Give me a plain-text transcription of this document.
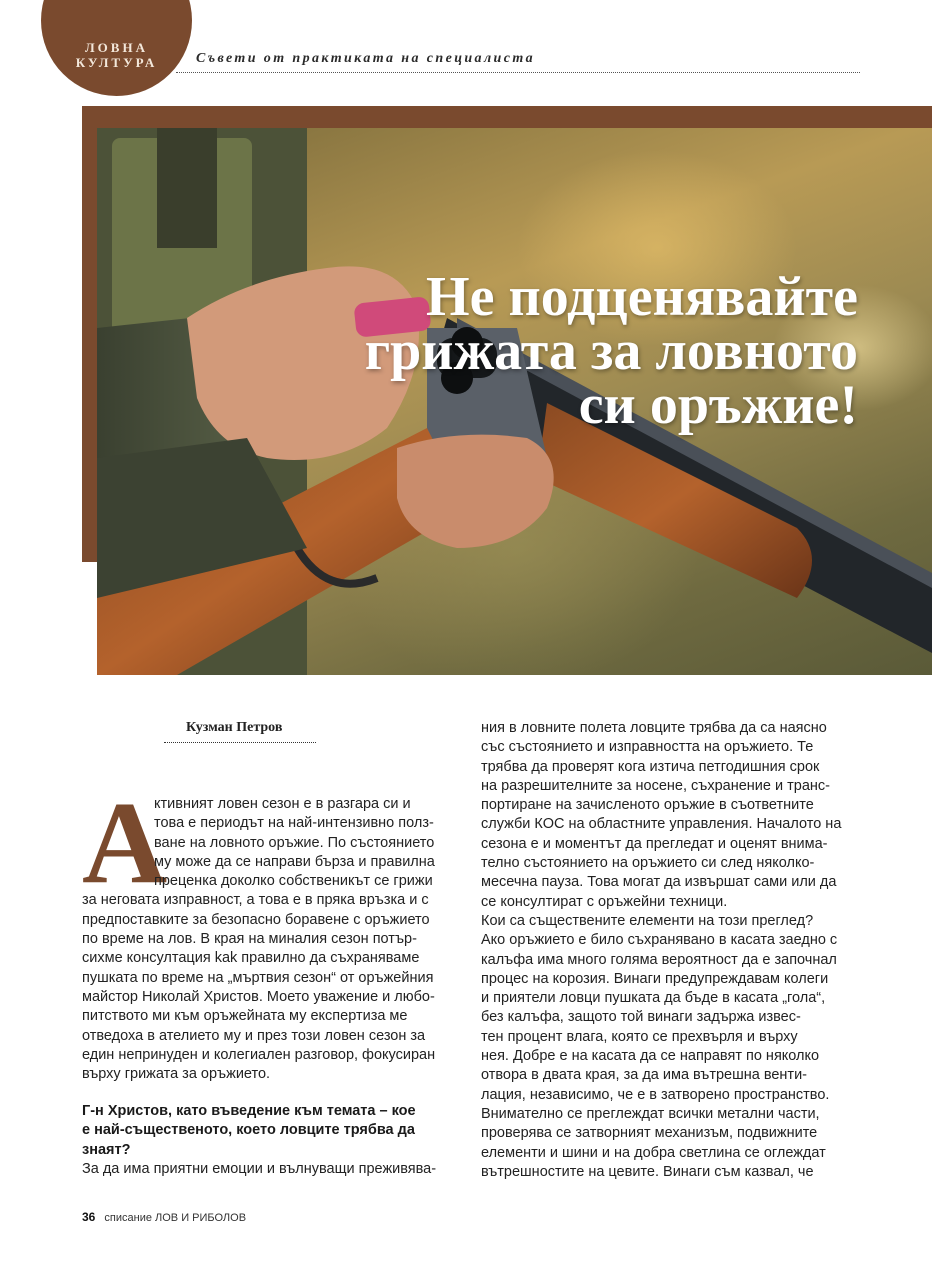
ЛОВНА
КУЛТУРА	Съвети от практиката на специалиста
Не подценявайте
грижата за ловното
си оръжие!
Кузман Петров
А
ктивният ловен сезон е в разгара си и
това е периодът на най-интензивно полз-
ване на ловното оръжие. По състоянието
му може да се направи бърза и правилна
преценка доколко собственикът се грижи
за неговата изправност, а това е в пряка връзка и с
предпоставките за безопасно боравене с оръжието
по време на лов. В края на миналия сезон потър-
сихме консултация kak правилно да съхраняваме
пушката по време на „мъртвия сезон“ от оръжейния
майстор Николай Христов. Моето уважение и любо-
питството ми към оръжейната му експертиза ме
отведоха в ателието му и през този ловен сезон за
един непринуден и колегиален разговор, фокусиран
върху грижата за оръжието.
Г-н Христов, като въведение към темата – кое
е най-същественото, което ловците трябва да
знаят?
За да има приятни емоции и вълнуващи преживява-
ния в ловните полета ловците трябва да са наясно
със състоянието и изправността на оръжието. Те
трябва да проверят кога изтича петгодишния срок
на разрешителните за носене, съхранение и транс-
портиране на зачисленото оръжие в съответните
служби КОС на областните управления. Началото на
сезона е и моментът да прегледат и оценят внима-
телно състоянието на оръжието си след няколко-
месечна пауза. Това могат да извършат сами или да
се консултират с оръжейни техници.
Кои са съществените елементи на този преглед?
Ако оръжието е било съхранявано в касата заедно с
калъфа има много голяма вероятност да е започнал
процес на корозия. Винаги предупреждавам колеги
и приятели ловци пушката да бъде в касата „гола“,
без калъфа, защото той винаги задържа извес-
тен процент влага, която се прехвърля и върху
нея. Добре е на касата да се направят по няколко
отвора в двата края, за да има вътрешна венти-
лация, независимо, че е в затворено пространство.
Внимателно се преглеждат всички метални части,
проверява се затворният механизъм, подвижните
елементи и шини и на добра светлина се оглеждат
вътрешностите на цевите. Винаги съм казвал, че
36 списание ЛОВ И РИБОЛОВ
